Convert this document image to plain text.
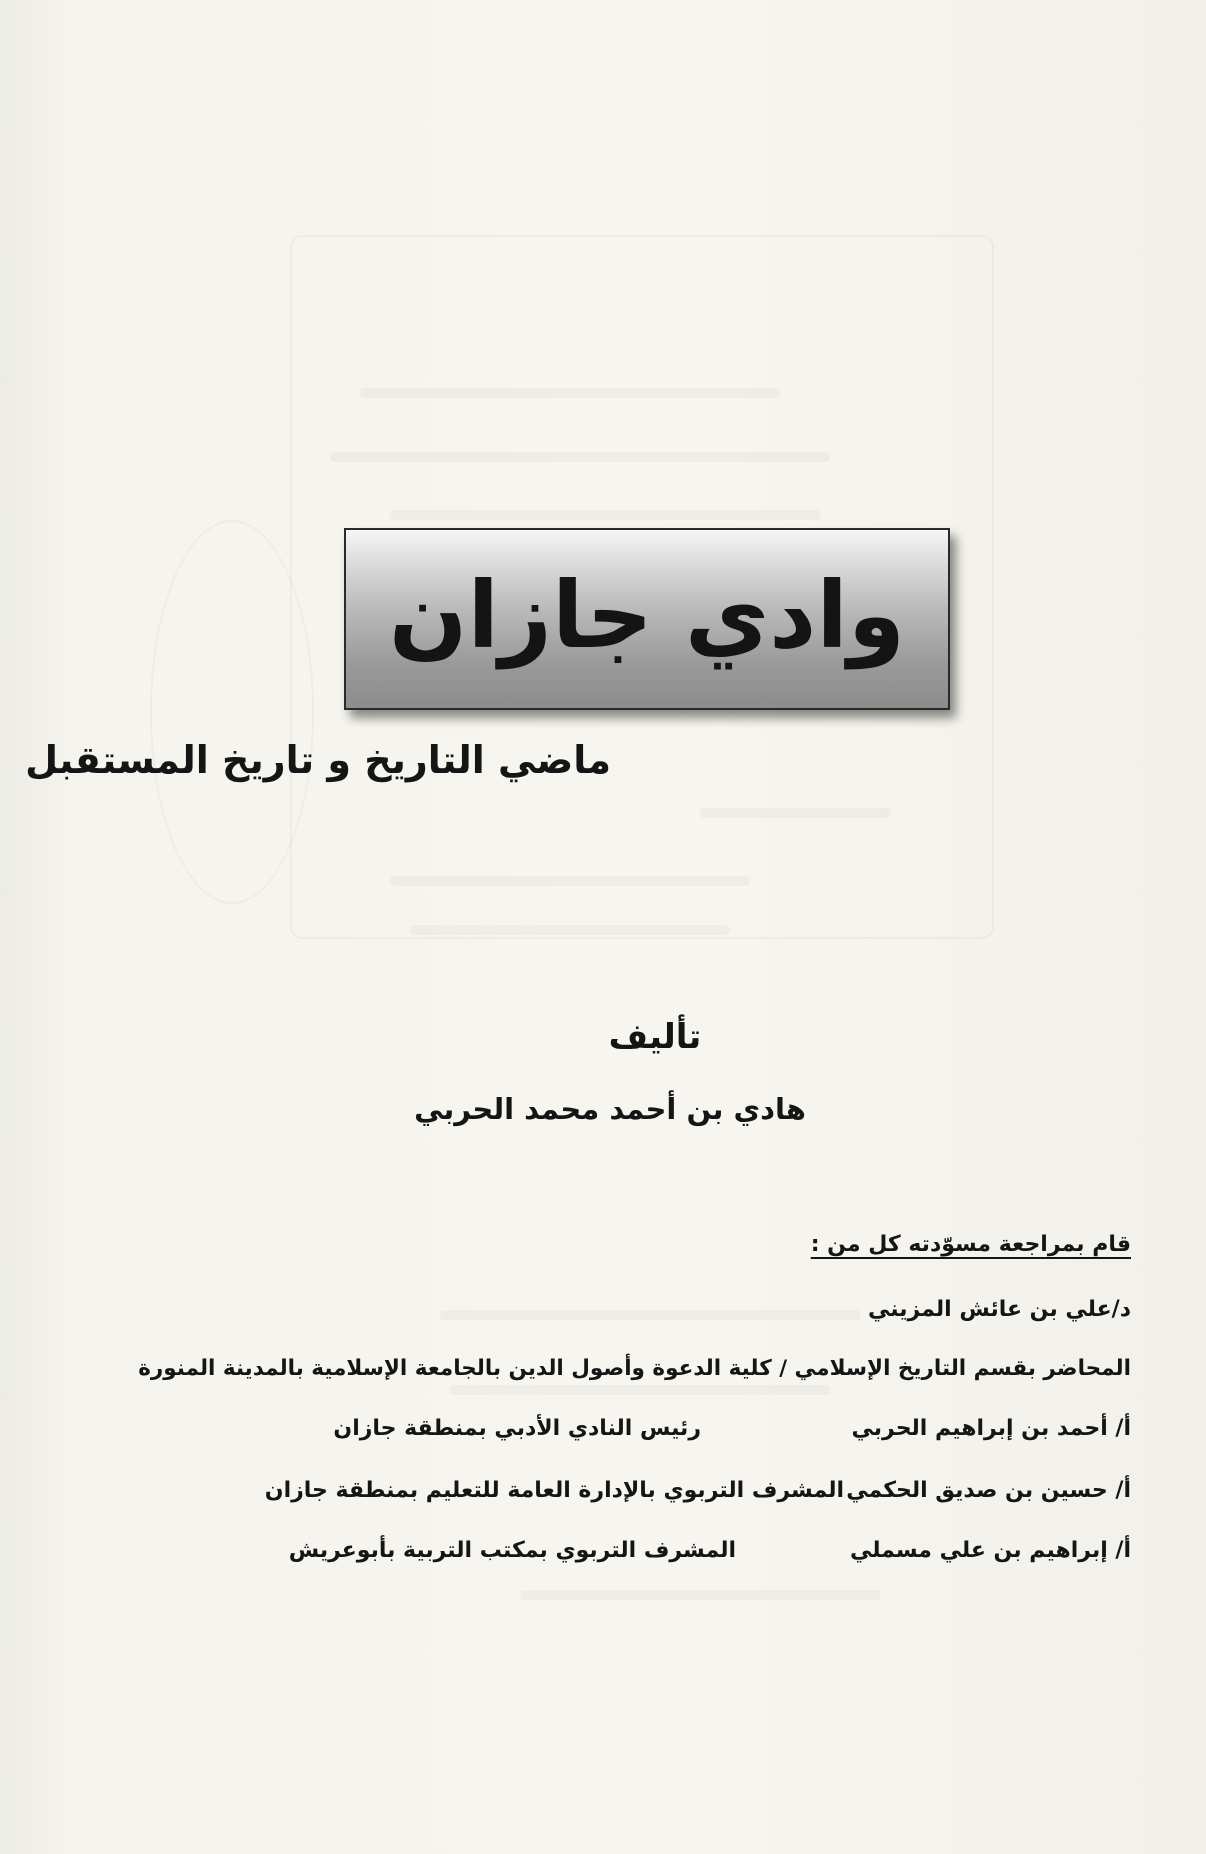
وادي جازان
ماضي التاريخ و تاريخ المستقبل
تأليف
هادي بن أحمد محمد الحربي
قام بمراجعة مسوّدته كل من :
د/علي بن عائش المزيني
المحاضر بقسم التاريخ الإسلامي / كلية الدعوة وأصول الدين بالجامعة الإسلامية بالمدينة المنورة
أ/ أحمد بن إبراهيم الحربي
رئيس النادي الأدبي بمنطقة جازان
أ/ حسين بن صديق الحكمي
المشرف التربوي بالإدارة العامة للتعليم بمنطقة جازان
أ/ إبراهيم بن علي مسملي
المشرف التربوي بمكتب التربية بأبوعريش
